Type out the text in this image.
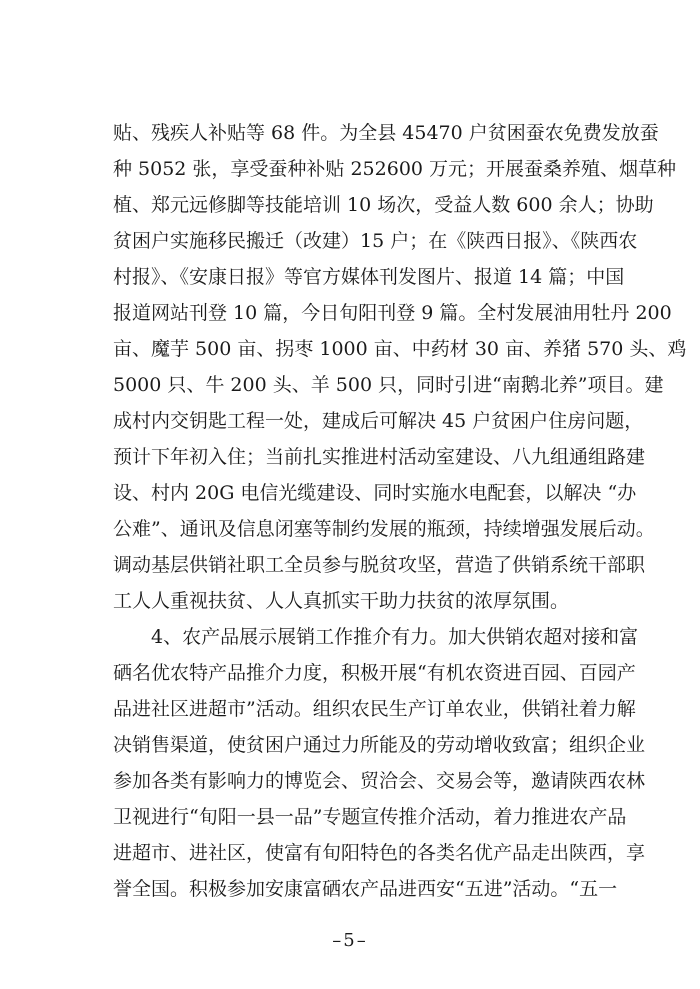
贴、残疾人补贴等 68 件。为全县 45470 户贫困蚕农免费发放蚕
种 5052 张，享受蚕种补贴 252600 万元；开展蚕桑养殖、烟草种
植、郑元远修脚等技能培训 10 场次，受益人数 600 余人；协助
贫困户实施移民搬迁（改建）15 户；在《陕西日报》、《陕西农
村报》、《安康日报》等官方媒体刊发图片、报道 14 篇；中国
报道网站刊登 10 篇，今日旬阳刊登 9 篇。全村发展油用牡丹 200
亩、魔芋 500 亩、拐枣 1000 亩、中药材 30 亩、养猪 570 头、鸡
5000 只、牛 200 头、羊 500 只，同时引进“南鹅北养”项目。建
成村内交钥匙工程一处，建成后可解决 45 户贫困户住房问题，
预计下年初入住；当前扎实推进村活动室建设、八九组通组路建
设、村内 20G 电信光缆建设、同时实施水电配套，以解决 “办
公难”、通讯及信息闭塞等制约发展的瓶颈，持续增强发展后动。
调动基层供销社职工全员参与脱贫攻坚，营造了供销系统干部职
工人人重视扶贫、人人真抓实干助力扶贫的浓厚氛围。
　　4、农产品展示展销工作推介有力。加大供销农超对接和富
硒名优农特产品推介力度，积极开展“有机农资进百园、百园产
品进社区进超市”活动。组织农民生产订单农业，供销社着力解
决销售渠道，使贫困户通过力所能及的劳动增收致富；组织企业
参加各类有影响力的博览会、贸洽会、交易会等，邀请陕西农林
卫视进行“旬阳一县一品”专题宣传推介活动，着力推进农产品
进超市、进社区，使富有旬阳特色的各类名优产品走出陕西，享
誉全国。积极参加安康富硒农产品进西安“五进”活动。“五一
–5–
